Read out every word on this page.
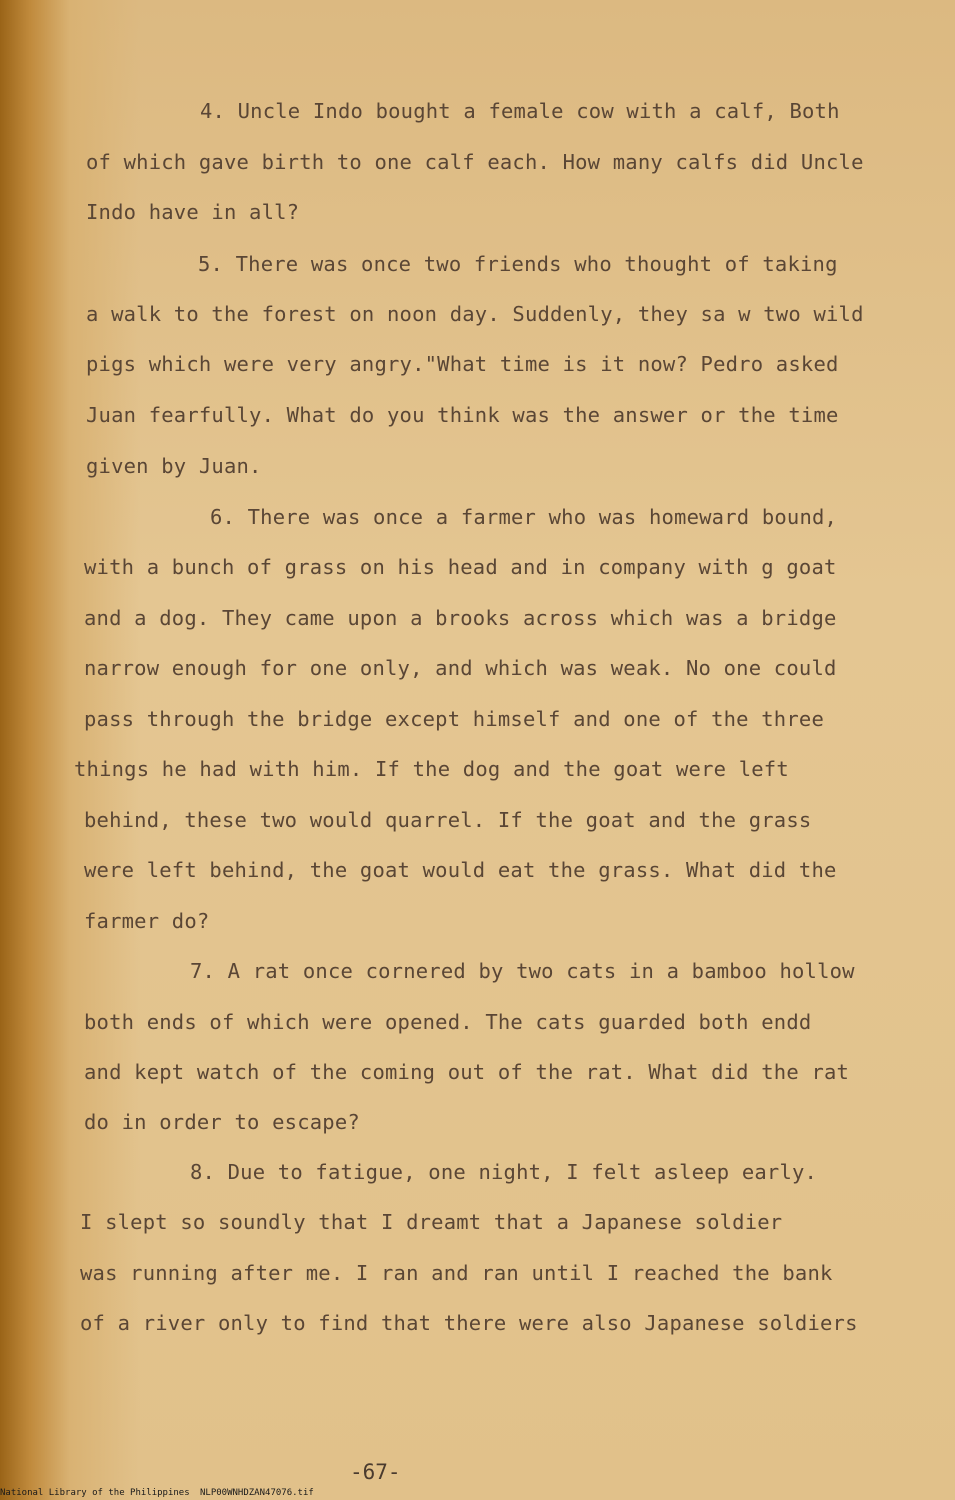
4. Uncle Indo bought a female cow with a calf, Both
of which gave birth to one calf each. How many calfs did Uncle
Indo have in all?
5. There was once two friends who thought of taking
a walk to the forest on noon day. Suddenly, they sa w two wild
pigs which were very angry."What time is it now? Pedro asked
Juan fearfully. What do you think was the answer or the time
given by Juan.
6. There was once a farmer who was homeward bound,
with a bunch of grass on his head and in company with g goat
and a dog. They came upon a brooks across which was a bridge
narrow enough for one only, and which was weak. No one could
pass through the bridge except himself and one of the three
things he had with him. If the dog and the goat were left
behind, these two would quarrel. If the goat and the grass
were left behind, the goat would eat the grass. What did the
farmer do?
7. A rat once cornered by two cats in a bamboo hollow
both ends of which were opened. The cats guarded both endd
and kept watch of the coming out of the rat. What did the rat
do in order to escape?
8. Due to fatigue, one night, I felt asleep early.
I slept so soundly that I dreamt that a Japanese soldier
was running after me. I ran and ran until I reached the bank
of a river only to find that there were also Japanese soldiers
-67-
National Library of the Philippines NLP00WNHDZAN47076.tif
